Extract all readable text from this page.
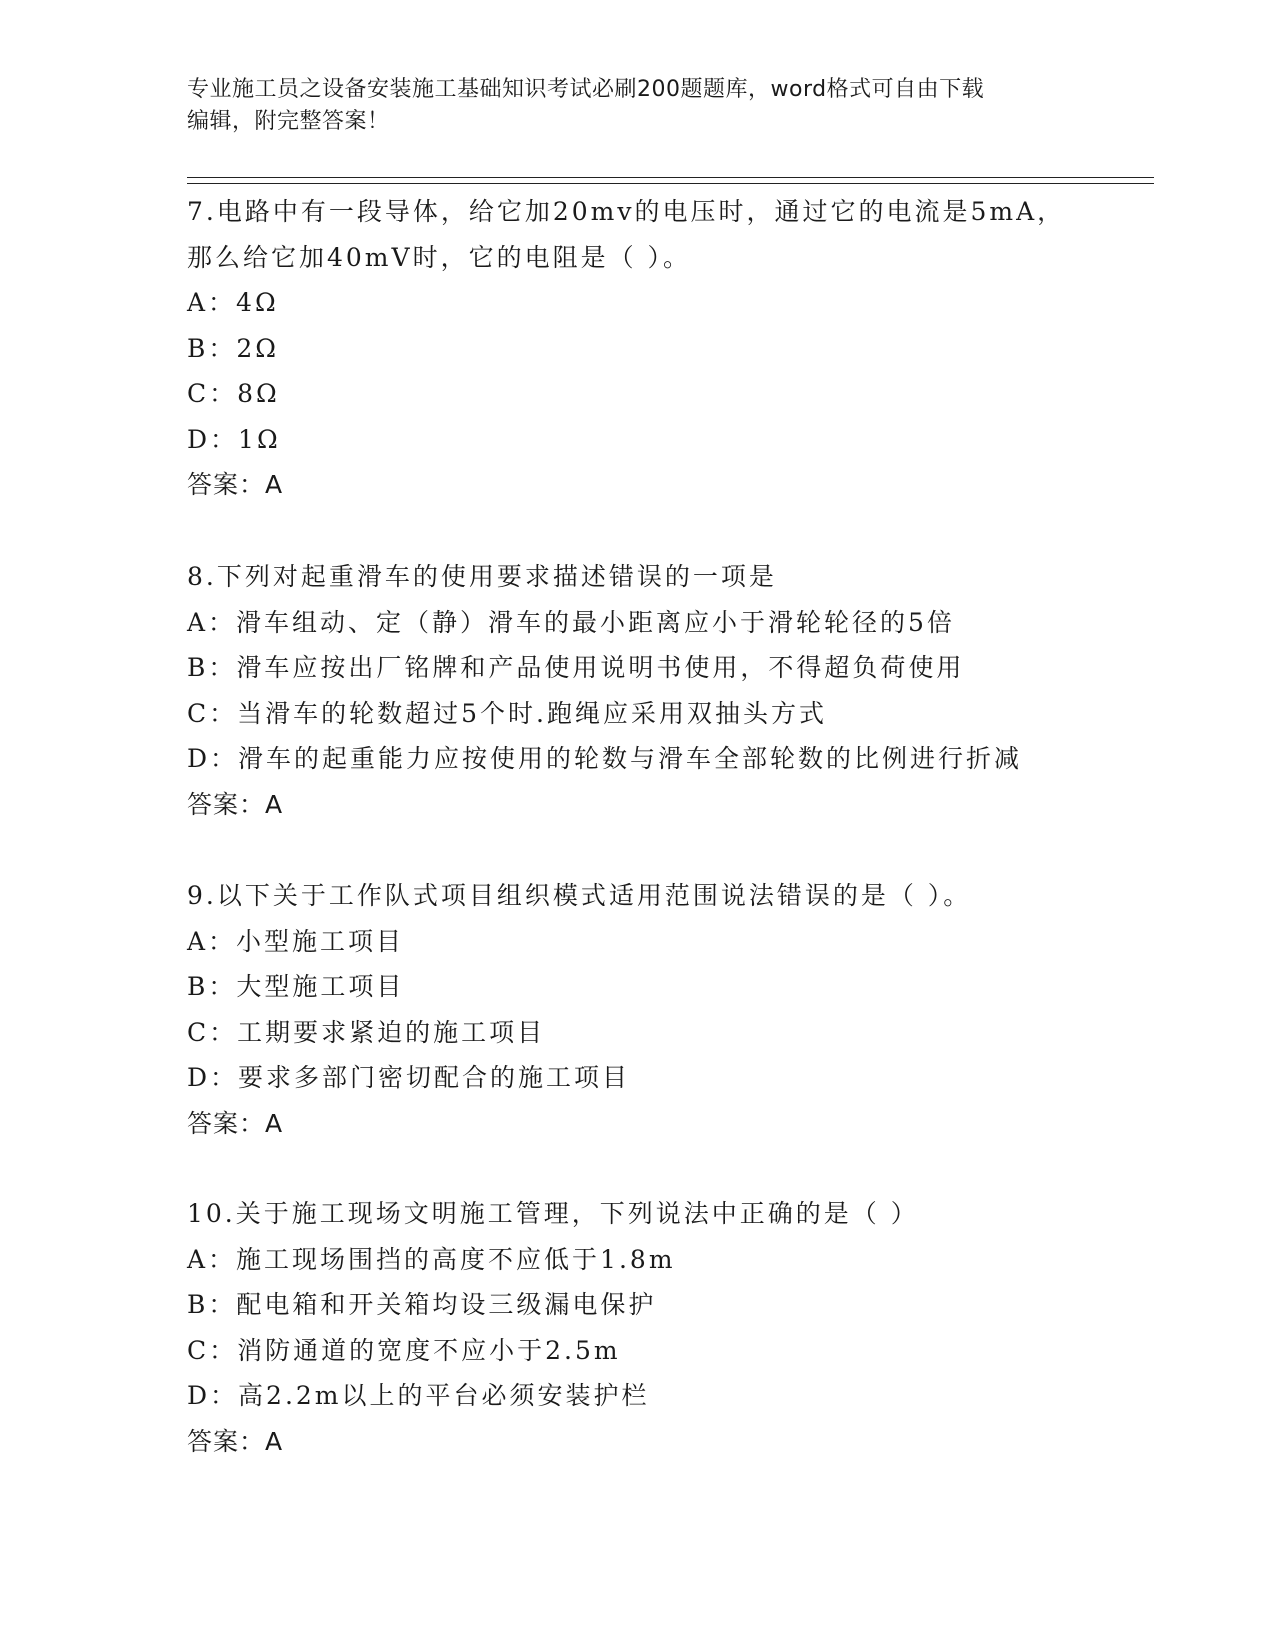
专业施工员之设备安装施工基础知识考试必刷200题题库，word格式可自由下载
编辑，附完整答案！
7.电路中有一段导体，给它加20mv的电压时，通过它的电流是5mA，
那么给它加40mV时，它的电阻是（ ）。
A：4Ω
B：2Ω
C：8Ω
D：1Ω
答案：A
8.下列对起重滑车的使用要求描述错误的一项是
A：滑车组动、定（静）滑车的最小距离应小于滑轮轮径的5倍
B：滑车应按出厂铭牌和产品使用说明书使用，不得超负荷使用
C：当滑车的轮数超过5个时.跑绳应采用双抽头方式
D：滑车的起重能力应按使用的轮数与滑车全部轮数的比例进行折减
答案：A
9.以下关于工作队式项目组织模式适用范围说法错误的是（ ）。
A：小型施工项目
B：大型施工项目
C：工期要求紧迫的施工项目
D：要求多部门密切配合的施工项目
答案：A
10.关于施工现场文明施工管理，下列说法中正确的是（ ）
A：施工现场围挡的高度不应低于1.8m
B：配电箱和开关箱均设三级漏电保护
C：消防通道的宽度不应小于2.5m
D：高2.2m以上的平台必须安装护栏
答案：A
